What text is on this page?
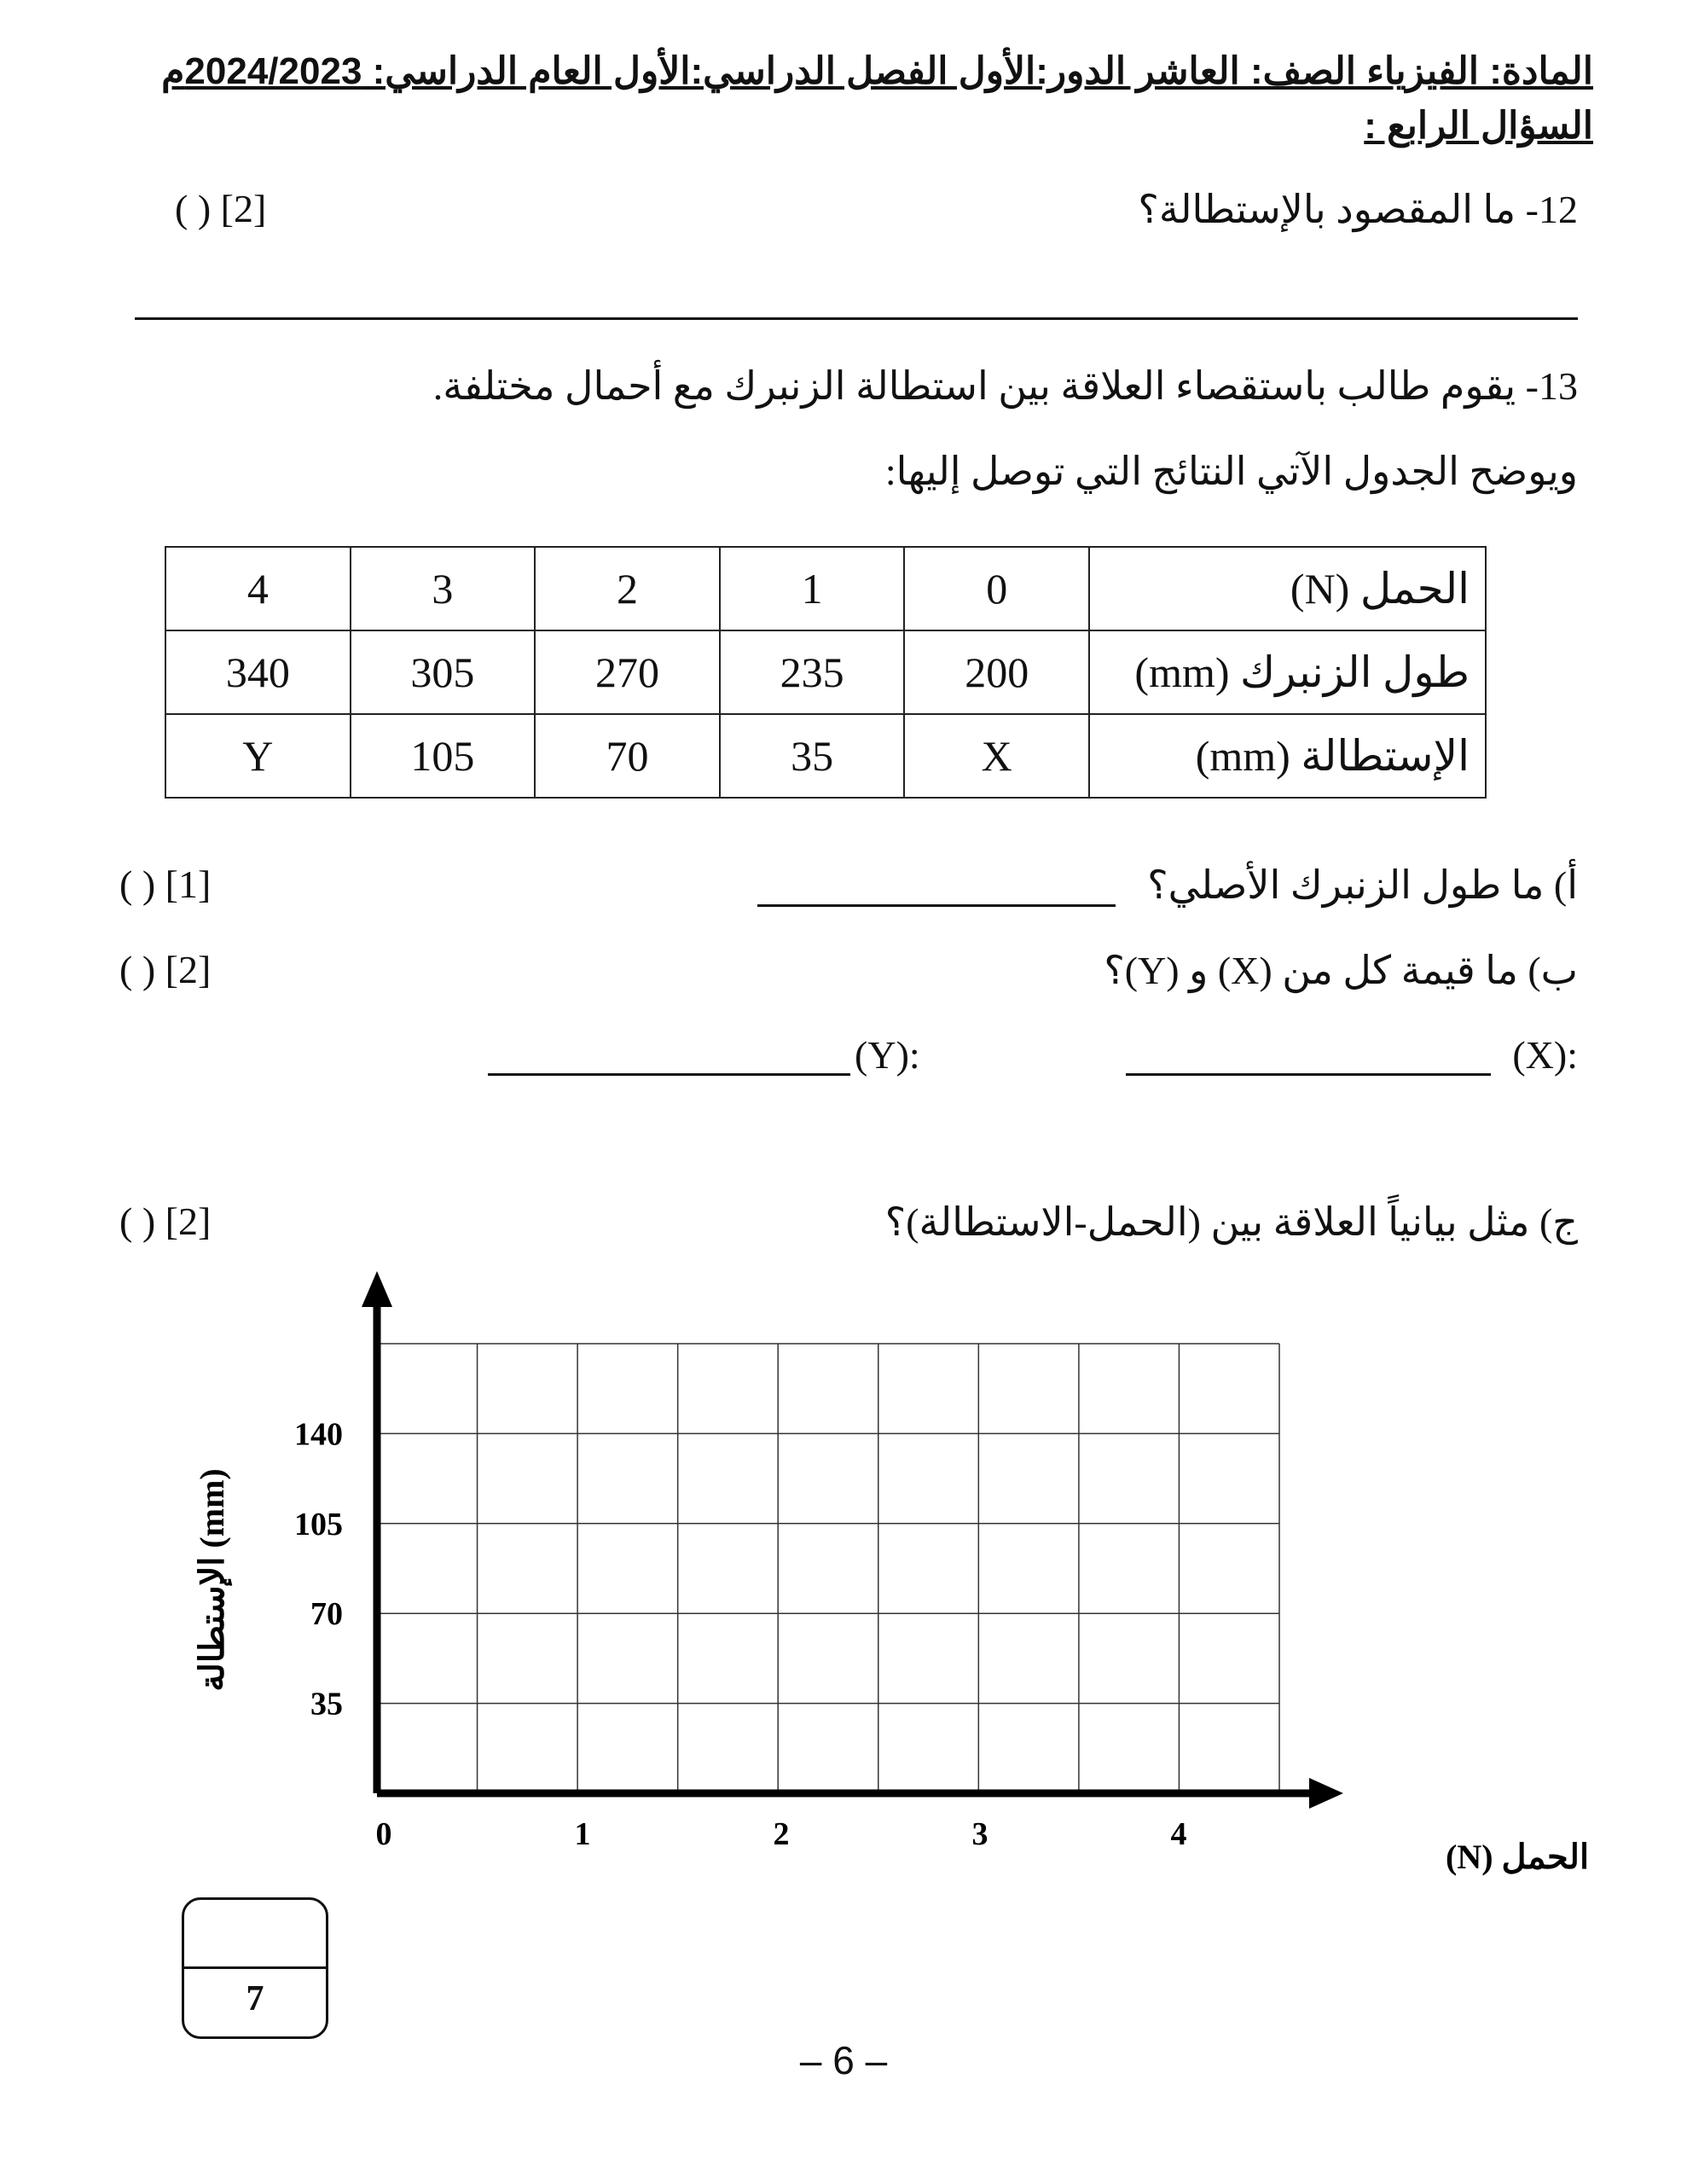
المادة: الفيزياء الصف: العاشر الدور:الأول الفصل الدراسي:الأول العام الدراسي: 2024/2023م
السؤال الرابع :
12- ما المقصود بالإستطالة؟
( ) [2]
13- يقوم طالب باستقصاء العلاقة بين استطالة الزنبرك مع أحمال مختلفة.
ويوضح الجدول الآتي النتائج التي توصل إليها:
الحمل (N)	0	1	2	3	4
طول الزنبرك (mm)	200	235	270	305	340
الإستطالة (mm)	X	35	70	105	Y
أ) ما طول الزنبرك الأصلي؟
( ) [1]
ب) ما قيمة كل من (X) و (Y)؟
( ) [2]
:(X)
:(Y)
ج) مثل بيانياً العلاقة بين (الحمل-الاستطالة)؟
( ) [2]
0	1	2	3	4
35
70
105
140
الإستطالة (mm)
الحمل (N)
7
– 6 –
